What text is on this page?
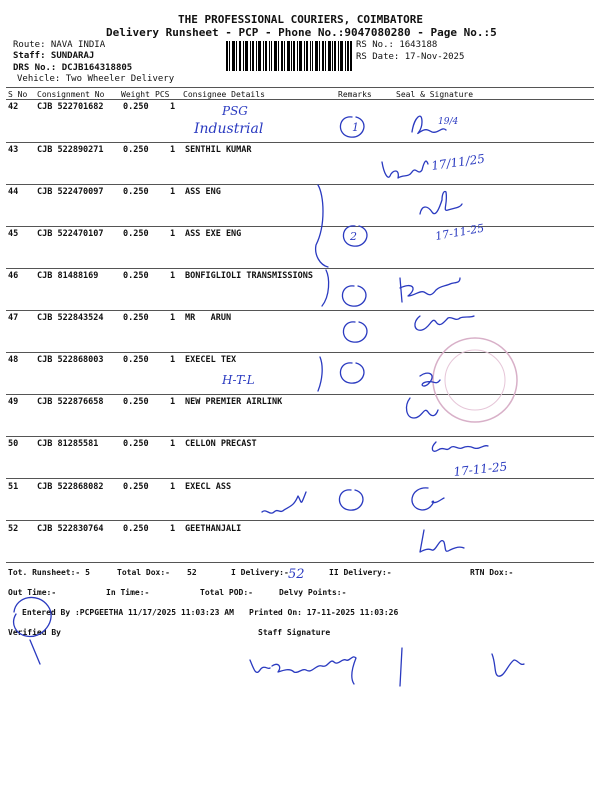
THE PROFESSIONAL COURIERS, COIMBATORE
Delivery Runsheet - PCP - Phone No.:9047080280 - Page No.:5
Route: NAVA INDIA
Staff: SUNDARAJ
DRS No.: DCJB164318805
Vehicle: Two Wheeler Delivery
RS No.: 1643188
RS Date: 17-Nov-2025
S No Consignment No Weight PCS Consignee Details	Remarks	Seal & Signature
42 CJB 522701682 0.250	1
43 CJB 522890271 0.250	1 SENTHIL KUMAR
44 CJB 522470097 0.250	1 ASS ENG
45 CJB 522470107 0.250	1 ASS EXE ENG
46 CJB 81488169	0.250	1 BONFIGLIOLI TRANSMISSIONS
47 CJB 522843524 0.250	1 MR   ARUN
48 CJB 522868003 0.250	1 EXECEL TEX
49 CJB 522876658 0.250	1 NEW PREMIER AIRLINK
50 CJB 81285581	0.250	1 CELLON PRECAST
51 CJB 522868082 0.250	1 EXECL ASS
52 CJB 522830764 0.250	1 GEETHANJALI
Tot. Runsheet:- 5	Total Dox:- 52	I Delivery:-	II Delivery:-	RTN Dox:-
Out Time:-	In Time:-	Total POD:-	Delvy Points:-
Entered By :PCPGEETHA 11/17/2025 11:03:23 AM Printed On: 17-11-2025 11:03:26
Verified By	Staff Signature
PSG
Industrial	1
2
H-T-L
19/4
17/11/25
17-11-25
17-11-25
52
